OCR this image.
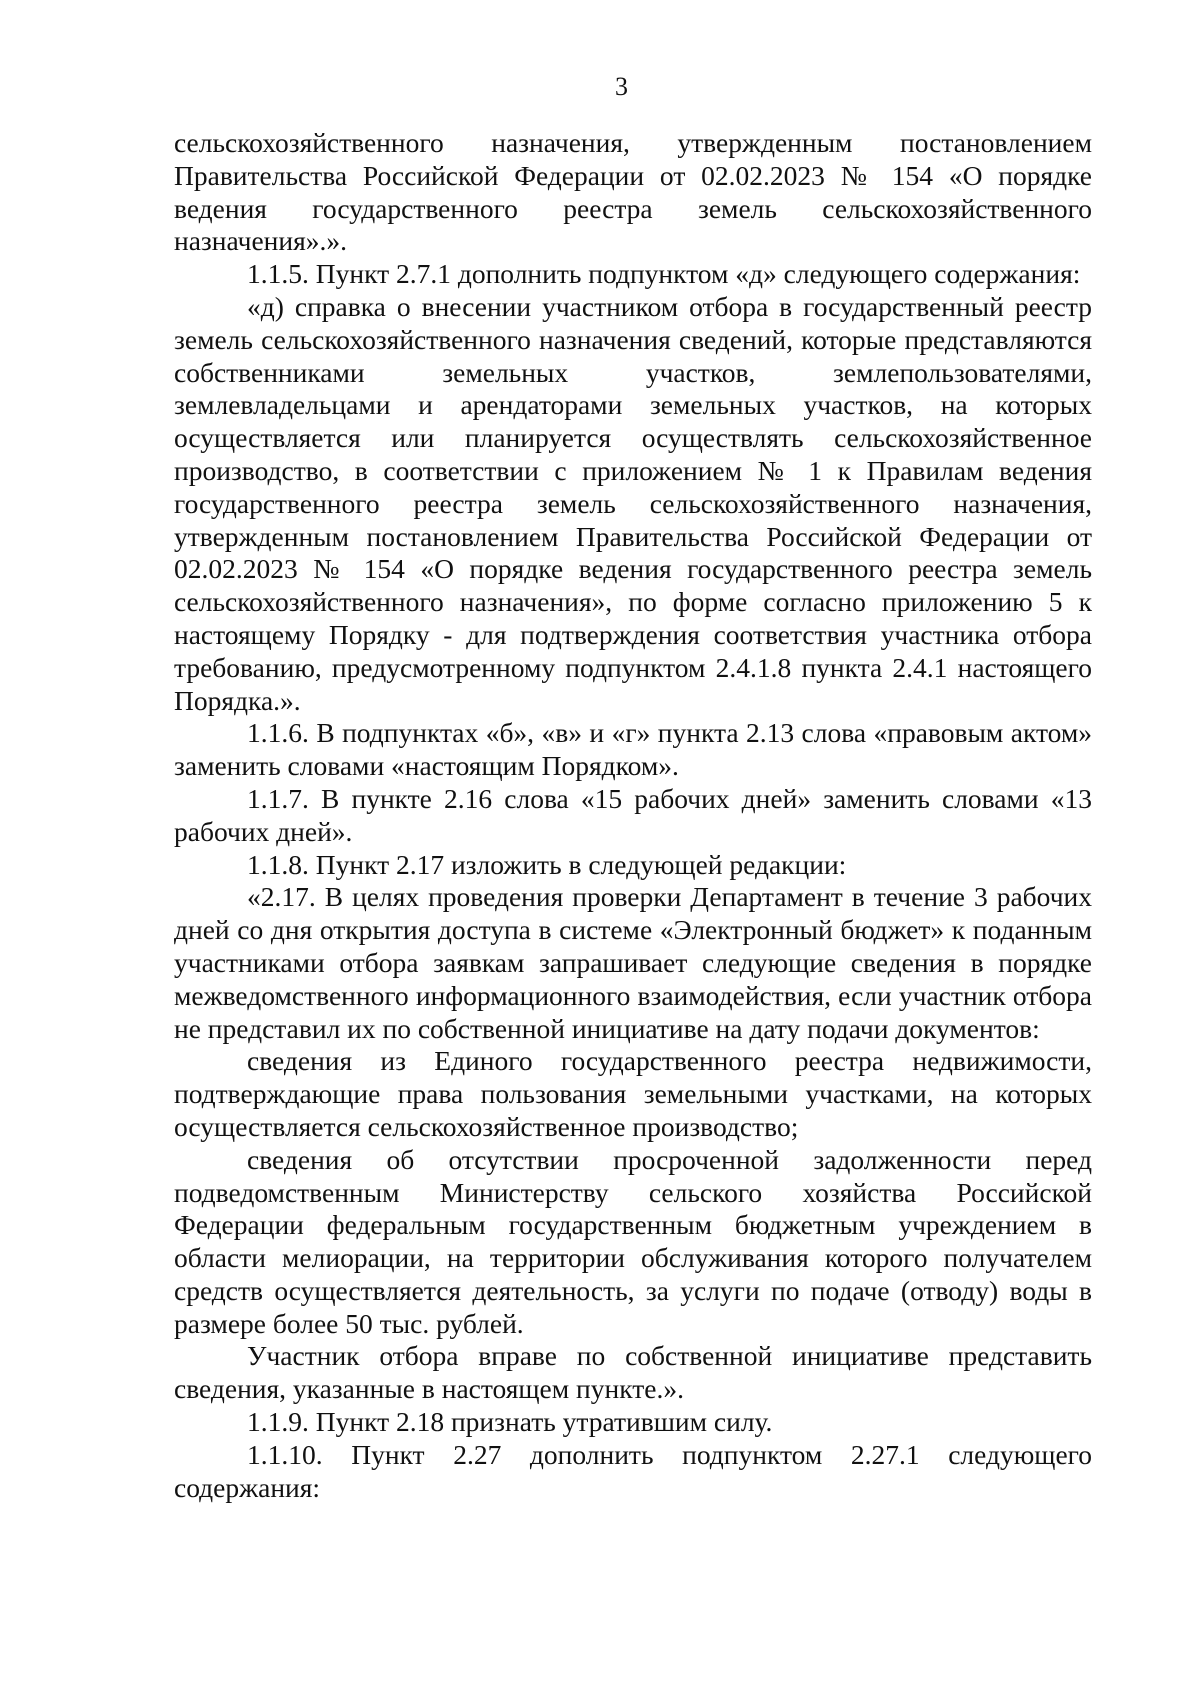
3

сельскохозяйственного назначения, утвержденным постановлением Правительства Российской Федерации от 02.02.2023 № 154 «О порядке ведения государственного реестра земель сельскохозяйственного назначения».».

1.1.5. Пункт 2.7.1 дополнить подпунктом «д» следующего содержания:

«д) справка о внесении участником отбора в государственный реестр земель сельскохозяйственного назначения сведений, которые представляются собственниками земельных участков, землепользователями, землевладельцами и арендаторами земельных участков, на которых осуществляется или планируется осуществлять сельскохозяйственное производство, в соответствии с приложением № 1 к Правилам ведения государственного реестра земель сельскохозяйственного назначения, утвержденным постановлением Правительства Российской Федерации от 02.02.2023 № 154 «О порядке ведения государственного реестра земель сельскохозяйственного назначения», по форме согласно приложению 5 к настоящему Порядку - для подтверждения соответствия участника отбора требованию, предусмотренному подпунктом 2.4.1.8 пункта 2.4.1 настоящего Порядка.».

1.1.6. В подпунктах «б», «в» и «г» пункта 2.13 слова «правовым актом» заменить словами «настоящим Порядком».

1.1.7. В пункте 2.16 слова «15 рабочих дней» заменить словами «13 рабочих дней».

1.1.8. Пункт 2.17 изложить в следующей редакции:

«2.17. В целях проведения проверки Департамент в течение 3 рабочих дней со дня открытия доступа в системе «Электронный бюджет» к поданным участниками отбора заявкам запрашивает следующие сведения в порядке межведомственного информационного взаимодействия, если участник отбора не представил их по собственной инициативе на дату подачи документов:

сведения из Единого государственного реестра недвижимости, подтверждающие права пользования земельными участками, на которых осуществляется сельскохозяйственное производство;

сведения об отсутствии просроченной задолженности перед подведомственным Министерству сельского хозяйства Российской Федерации федеральным государственным бюджетным учреждением в области мелиорации, на территории обслуживания которого получателем средств осуществляется деятельность, за услуги по подаче (отводу) воды в размере более 50 тыс. рублей.

Участник отбора вправе по собственной инициативе представить сведения, указанные в настоящем пункте.».

1.1.9. Пункт 2.18 признать утратившим силу.

1.1.10. Пункт 2.27 дополнить подпунктом 2.27.1 следующего содержания:
